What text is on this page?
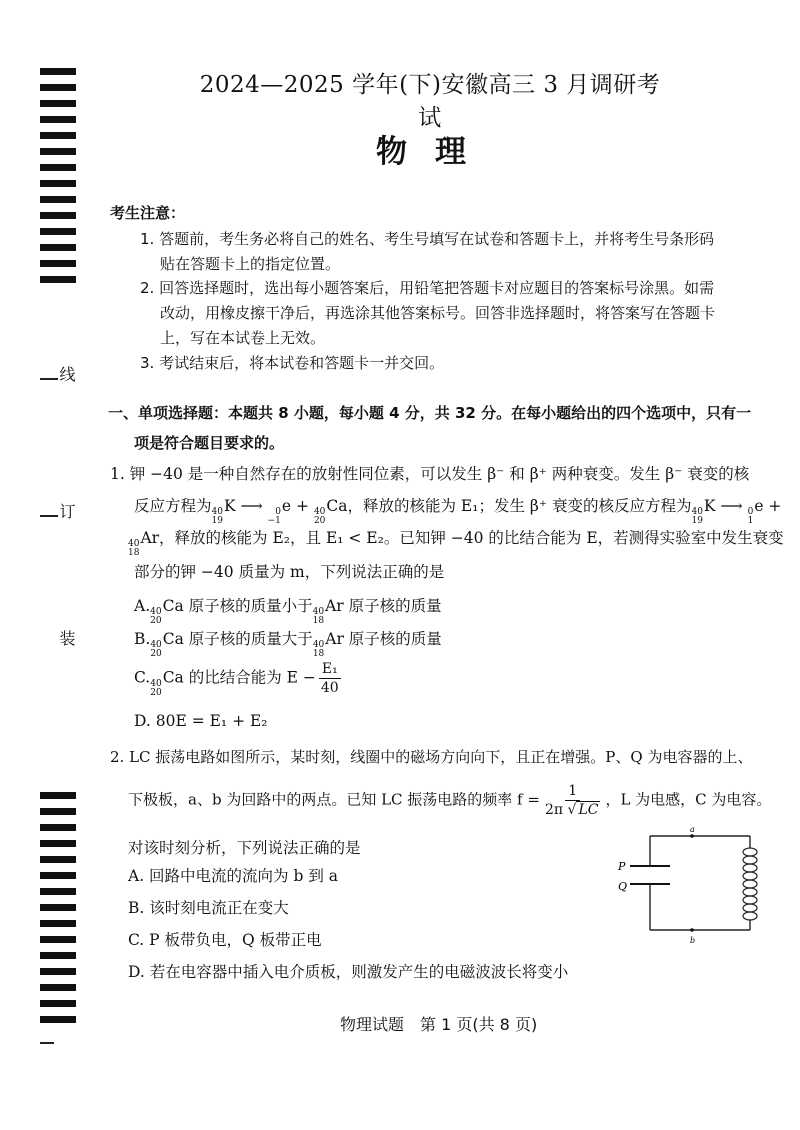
线
订
装
2024—2025 学年(下)安徽高三 3 月调研考试
物理
考生注意：
1. 答题前，考生务必将自己的姓名、考生号填写在试卷和答题卡上，并将考生号条形码
贴在答题卡上的指定位置。
2. 回答选择题时，选出每小题答案后，用铅笔把答题卡对应题目的答案标号涂黑。如需
改动，用橡皮擦干净后，再选涂其他答案标号。回答非选择题时，将答案写在答题卡
上，写在本试卷上无效。
3. 考试结束后，将本试卷和答题卡一并交回。
一、单项选择题：本题共 8 小题，每小题 4 分，共 32 分。在每小题给出的四个选项中，只有一
项是符合题目要求的。
1. 钾 −40 是一种自然存在的放射性同位素，可以发生 β⁻ 和 β⁺ 两种衰变。发生 β⁻ 衰变的核
反应方程为 40
19
K ⟶	0
−1
e + 40
20
Ca，释放的核能为 E₁；发生 β⁺ 衰变的核反应方程为 40
19
K ⟶ 0
1
e +
40
18
Ar，释放的核能为 E₂，且 E₁ < E₂。已知钾 −40 的比结合能为 E，若测得实验室中发生衰变
部分的钾 −40 质量为 m，下列说法正确的是
A. 40
20
Ca 原子核的质量小于 40
18
Ar 原子核的质量
B. 40
20
Ca 原子核的质量大于 40
18
Ar 原子核的质量
C. 40
20
Ca 的比结合能为 $E - \frac{\text{E₁}}{40}$
D. 80E = E₁ + E₂
2. LC 振荡电路如图所示，某时刻，线圈中的磁场方向向下，且正在增强。P、Q 为电容器的上、
下极板，a、b 为回路中的两点。已知 LC 振荡电路的频率 $f = \frac{1}{2\pi √ LC}$ ，L 为电感，C 为电容。
对该时刻分析，下列说法正确的是
A. 回路中电流的流向为 b 到 a
B. 该时刻电流正在变大
C. P 板带负电，Q 板带正电
D. 若在电容器中插入电介质板，则激发产生的电磁波波长将变小
a
b
P
Q
物理试题　第 1 页(共 8 页)
